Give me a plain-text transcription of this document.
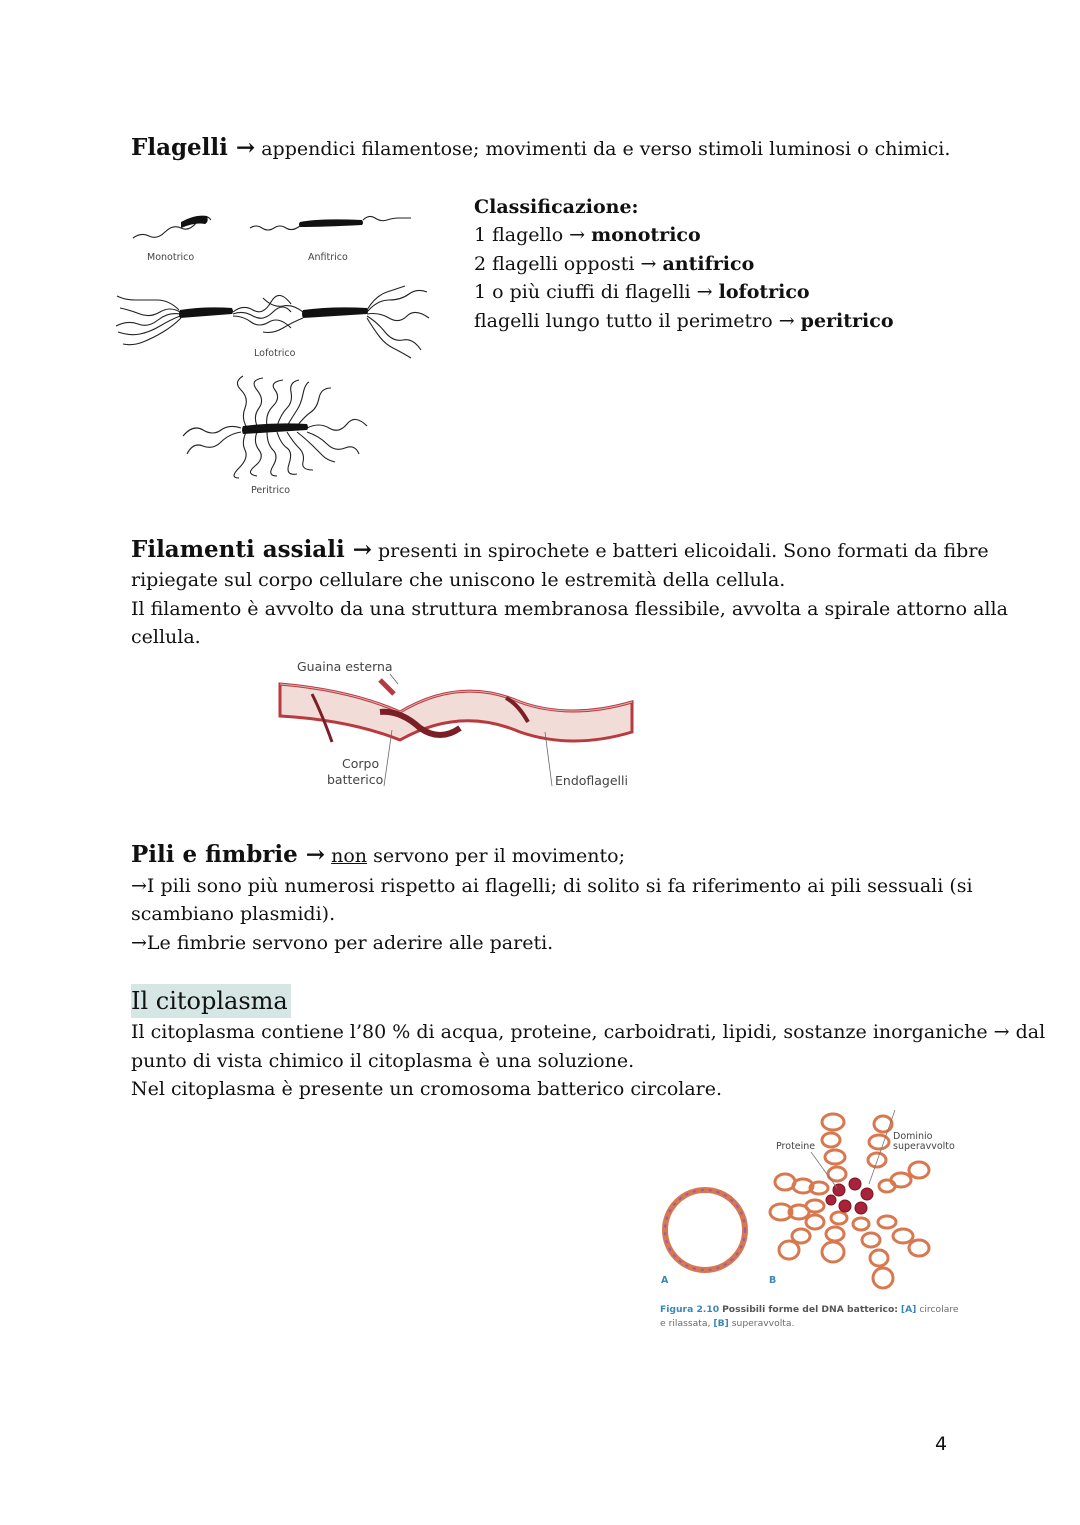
Flagelli → appendici filamentose; movimenti da e verso stimoli luminosi o chimici.
Monotrico	Anfitrico
Lofotrico
Peritrico
Classificazione:
1 flagello → monotrico
2 flagelli opposti → antifrico
1 o più ciuffi di flagelli → lofotrico
flagelli lungo tutto il perimetro → peritrico
Filamenti assiali → presenti in spirochete e batteri elicoidali. Sono formati da fibre
ripiegate sul corpo cellulare che uniscono le estremità della cellula.
Il filamento è avvolto da una struttura membranosa flessibile, avvolta a spirale attorno alla
cellula.
Guaina esterna
Corpo
batterico	Endoflagelli
Pili e fimbrie → non servono per il movimento;
→I pili sono più numerosi rispetto ai flagelli; di solito si fa riferimento ai pili sessuali (si
scambiano plasmidi).
→Le fimbrie servono per aderire alle pareti.
Il citoplasma
Il citoplasma contiene l’80 % di acqua, proteine, carboidrati, lipidi, sostanze inorganiche → dal
punto di vista chimico il citoplasma è una soluzione.
Nel citoplasma è presente un cromosoma batterico circolare.
Proteine
Dominio
superavvolto
A	B
Figura 2.10 Possibili forme del DNA batterico: [A] circolare e rilassata, [B] superavvolta.
4
